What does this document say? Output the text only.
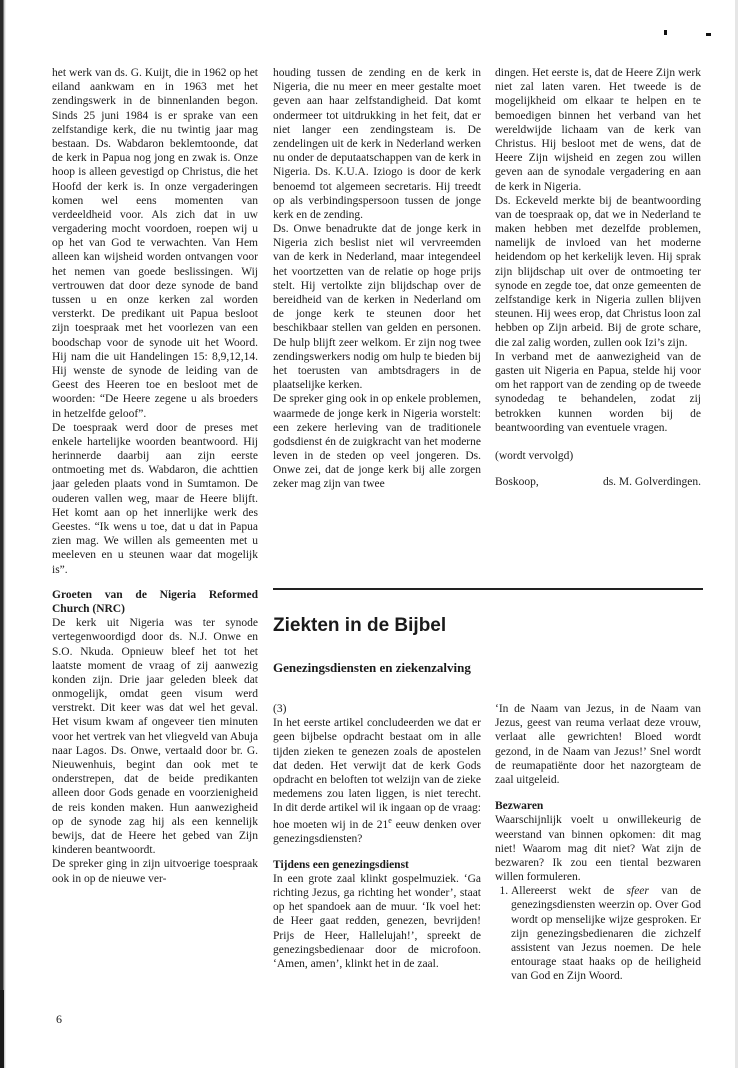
het werk van ds. G. Kuijt, die in 1962 op het eiland aankwam en in 1963 met het zendingswerk in de binnenlanden begon. Sinds 25 juni 1984 is er sprake van een zelfstandige kerk, die nu twintig jaar mag bestaan. Ds. Wabdaron beklemtoonde, dat de kerk in Papua nog jong en zwak is. Onze hoop is alleen gevestigd op Christus, die het Hoofd der kerk is. In onze vergaderingen komen wel eens momenten van verdeeldheid voor. Als zich dat in uw vergadering mocht voordoen, roepen wij u op het van God te verwachten. Van Hem alleen kan wijsheid worden ontvangen voor het nemen van goede beslissingen. Wij vertrouwen dat door deze synode de band tussen u en onze kerken zal worden versterkt. De predikant uit Papua besloot zijn toespraak met het voorlezen van een boodschap voor de synode uit het Woord. Hij nam die uit Handelingen 15: 8,9,12,14. Hij wenste de synode de leiding van de Geest des Heeren toe en besloot met de woorden: “De Heere zegene u als broeders in hetzelfde geloof”.

De toespraak werd door de preses met enkele hartelijke woorden beantwoord. Hij herinnerde daarbij aan zijn eerste ontmoeting met ds. Wabdaron, die achttien jaar geleden plaats vond in Sumtamon. De ouderen vallen weg, maar de Heere blijft. Het komt aan op het innerlijke werk des Geestes. “Ik wens u toe, dat u dat in Papua zien mag. We willen als gemeenten met u meeleven en u steunen waar dat mogelijk is”.

Groeten van de Nigeria Reformed Church (NRC)

De kerk uit Nigeria was ter synode vertegenwoordigd door ds. N.J. Onwe en S.O. Nkuda. Opnieuw bleef het tot het laatste moment de vraag of zij aanwezig konden zijn. Drie jaar geleden bleek dat onmogelijk, omdat geen visum werd verstrekt. Dit keer was dat wel het geval. Het visum kwam af ongeveer tien minuten voor het vertrek van het vliegveld van Abuja naar Lagos. Ds. Onwe, vertaald door br. G. Nieuwenhuis, begint dan ook met te onderstrepen, dat de beide predikanten alleen door Gods genade en voorzienigheid de reis konden maken. Hun aanwezigheid op de synode zag hij als een kennelijk bewijs, dat de Heere het gebed van Zijn kinderen beantwoordt.

De spreker ging in zijn uitvoerige toespraak ook in op de nieuwe ver-

houding tussen de zending en de kerk in Nigeria, die nu meer en meer gestalte moet geven aan haar zelfstandigheid. Dat komt ondermeer tot uitdrukking in het feit, dat er niet langer een zendingsteam is. De zendelingen uit de kerk in Nederland werken nu onder de deputaatschappen van de kerk in Nigeria. Ds. K.U.A. Iziogo is door de kerk benoemd tot algemeen secretaris. Hij treedt op als verbindingspersoon tussen de jonge kerk en de zending.

Ds. Onwe benadrukte dat de jonge kerk in Nigeria zich beslist niet wil vervreemden van de kerk in Nederland, maar integendeel het voortzetten van de relatie op hoge prijs stelt. Hij vertolkte zijn blijdschap over de bereidheid van de kerken in Nederland om de jonge kerk te steunen door het beschikbaar stellen van gelden en personen. De hulp blijft zeer welkom. Er zijn nog twee zendingswerkers nodig om hulp te bieden bij het toerusten van ambtsdragers in de plaatselijke kerken.

De spreker ging ook in op enkele problemen, waarmede de jonge kerk in Nigeria worstelt: een zekere herleving van de traditionele godsdienst én de zuigkracht van het moderne leven in de steden op veel jongeren. Ds. Onwe zei, dat de jonge kerk bij alle zorgen zeker mag zijn van twee

dingen. Het eerste is, dat de Heere Zijn werk niet zal laten varen. Het tweede is de mogelijkheid om elkaar te helpen en te bemoedigen binnen het verband van het wereldwijde lichaam van de kerk van Christus. Hij besloot met de wens, dat de Heere Zijn wijsheid en zegen zou willen geven aan de synodale vergadering en aan de kerk in Nigeria.

Ds. Eckeveld merkte bij de beantwoording van de toespraak op, dat we in Nederland te maken hebben met dezelfde problemen, namelijk de invloed van het moderne heidendom op het kerkelijk leven. Hij sprak zijn blijdschap uit over de ontmoeting ter synode en zegde toe, dat onze gemeenten de zelfstandige kerk in Nigeria zullen blijven steunen. Hij wees erop, dat Christus loon zal hebben op Zijn arbeid. Bij de grote schare, die zal zalig worden, zullen ook Izi’s zijn.

In verband met de aanwezigheid van de gasten uit Nigeria en Papua, stelde hij voor om het rapport van de zending op de tweede synodedag te behandelen, zodat zij betrokken kunnen worden bij de beantwoording van eventuele vragen.

(wordt vervolgd)

Boskoop,	ds. M. Golverdingen.
Ziekten in de Bijbel
Genezingsdiensten en ziekenzalving

(3)

In het eerste artikel concludeerden we dat er geen bijbelse opdracht bestaat om in alle tijden zieken te genezen zoals de apostelen dat deden. Het verwijt dat de kerk Gods opdracht en beloften tot welzijn van de zieke medemens zou laten liggen, is niet terecht. In dit derde artikel wil ik ingaan op de vraag: hoe moeten wij in de 21e eeuw denken over genezingsdiensten?

Tijdens een genezingsdienst

In een grote zaal klinkt gospelmuziek. ‘Ga richting Jezus, ga richting het wonder’, staat op het spandoek aan de muur. ‘Ik voel het: de Heer gaat redden, genezen, bevrijden! Prijs de Heer, Hallelujah!’, spreekt de genezingsbedienaar door de microfoon. ‘Amen, amen’, klinkt het in de zaal.

‘In de Naam van Jezus, in de Naam van Jezus, geest van reuma verlaat deze vrouw, verlaat alle gewrichten! Bloed wordt gezond, in de Naam van Jezus!’ Snel wordt de reumapatiënte door het nazorgteam de zaal uitgeleid.

Bezwaren

Waarschijnlijk voelt u onwillekeurig de weerstand van binnen opkomen: dit mag niet! Waarom mag dit niet? Wat zijn de bezwaren? Ik zou een tiental bezwaren willen formuleren.

1. Allereerst wekt de sfeer van de genezingsdiensten weerzin op. Over God wordt op menselijke wijze gesproken. Er zijn genezingsbedienaren die zichzelf assistent van Jezus noemen. De hele entourage staat haaks op de heiligheid van God en Zijn Woord.
6
